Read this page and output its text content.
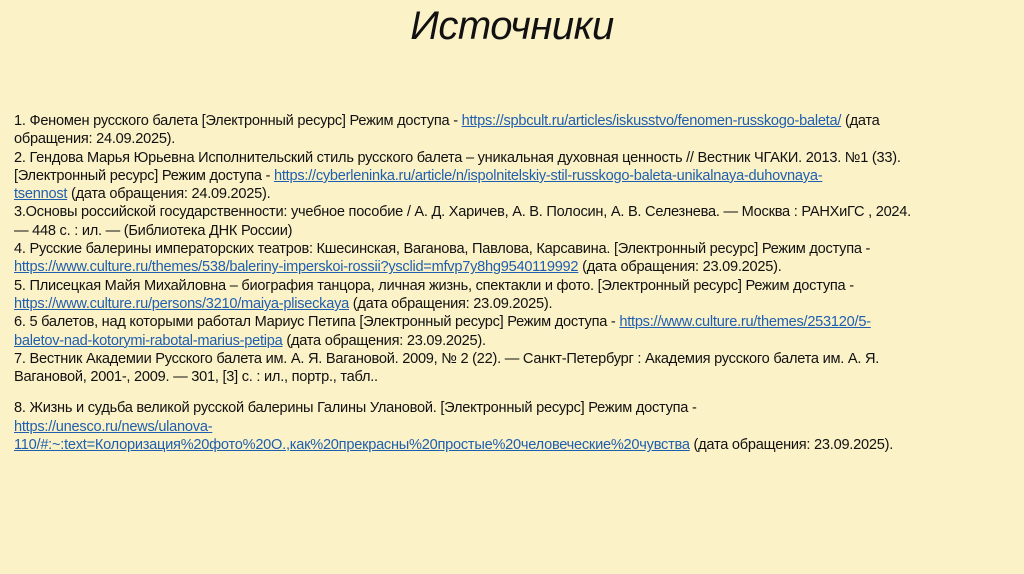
Источники
1. Феномен русского балета [Электронный ресурс] Режим доступа - https://spbcult.ru/articles/iskusstvo/fenomen-russkogo-baleta/ (дата
обращения: 24.09.2025).
2. Гендова Марья Юрьевна Исполнительский стиль русского балета – уникальная духовная ценность // Вестник ЧГАКИ. 2013. №1 (33).
[Электронный ресурс] Режим доступа - https://cyberleninka.ru/article/n/ispolnitelskiy-stil-russkogo-baleta-unikalnaya-duhovnaya-
tsennost (дата обращения: 24.09.2025).
3.Основы российской государственности: учебное пособие / А. Д. Харичев, А. В. Полосин, А. В. Селезнева. — Москва : РАНХиГС , 2024.
— 448 с. : ил. — (Библиотека ДНК России)
4. Русские балерины императорских театров: Кшесинская, Ваганова, Павлова, Карсавина. [Электронный ресурс] Режим доступа -
https://www.culture.ru/themes/538/baleriny-imperskoi-rossii?ysclid=mfvp7y8hg9540119992 (дата обращения: 23.09.2025).
5. Плисецкая Майя Михайловна – биография танцора, личная жизнь, спектакли и фото. [Электронный ресурс] Режим доступа -
https://www.culture.ru/persons/3210/maiya-pliseckaya (дата обращения: 23.09.2025).
6. 5 балетов, над которыми работал Мариус Петипа [Электронный ресурс] Режим доступа - https://www.culture.ru/themes/253120/5-
baletov-nad-kotorymi-rabotal-marius-petipa (дата обращения: 23.09.2025).
7. Вестник Академии Русского балета им. А. Я. Вагановой. 2009, № 2 (22). — Санкт-Петербург : Академия русского балета им. А. Я.
Вагановой, 2001-, 2009. — 301, [3] с. : ил., портр., табл..
8. Жизнь и судьба великой русской балерины Галины Улановой. [Электронный ресурс] Режим доступа -
https://unesco.ru/news/ulanova-
110/#:~:text=Колоризация%20фото%20О.,как%20прекрасны%20простые%20человеческие%20чувства (дата обращения: 23.09.2025).
